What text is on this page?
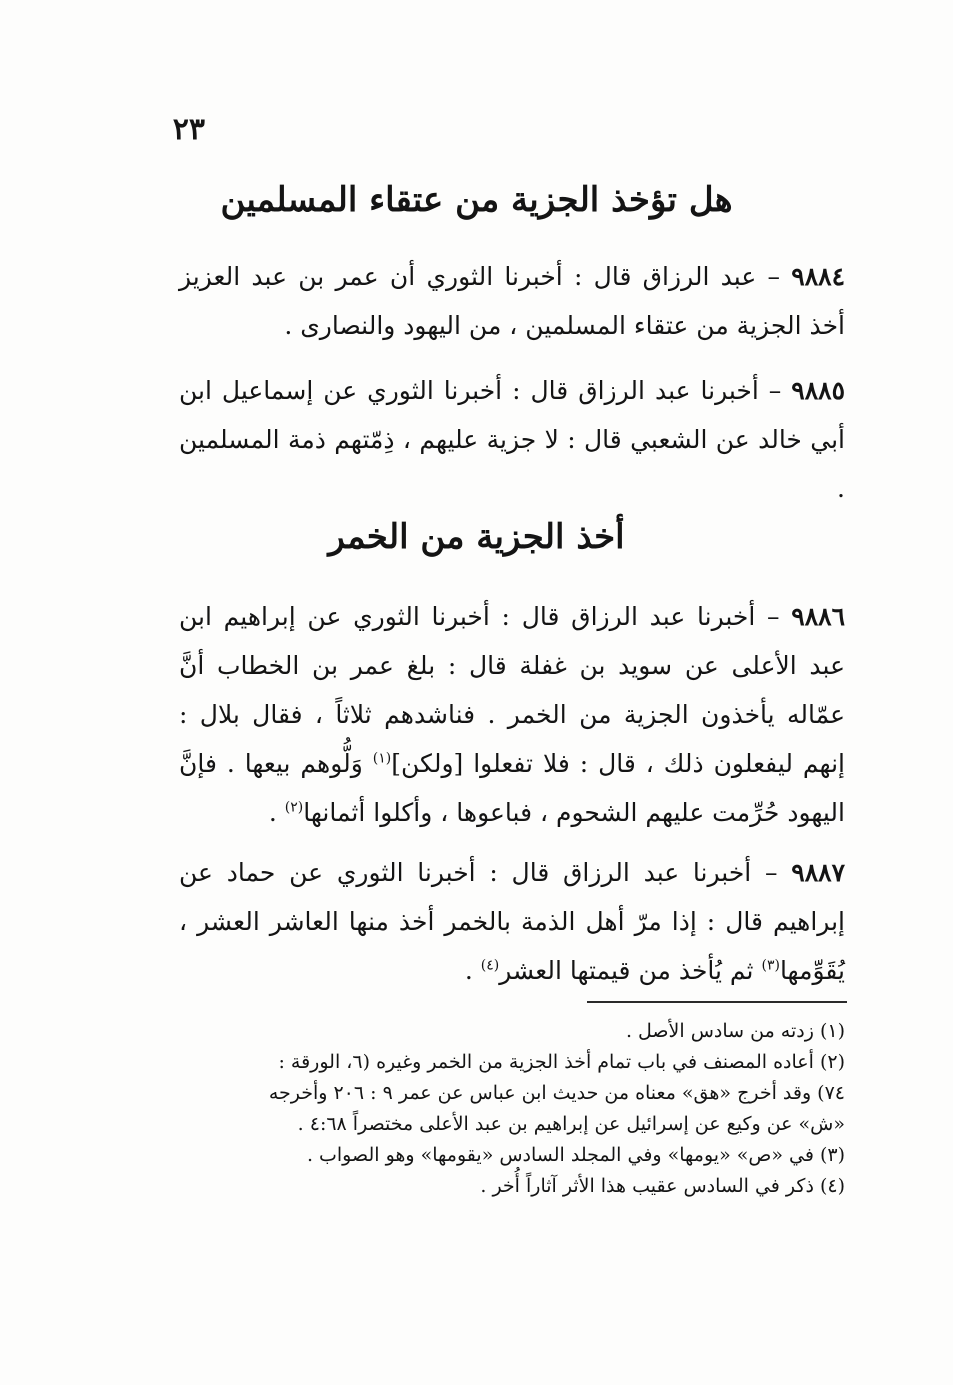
٢٣
هل تؤخذ الجزية من عتقاء المسلمين

٩٨٨٤ – عبد الرزاق قال : أخبرنا الثوري أن عمر بن عبد العزيز أخذ الجزية من عتقاء المسلمين ، من اليهود والنصارى .

٩٨٨٥ – أخبرنا عبد الرزاق قال : أخبرنا الثوري عن إسماعيل ابن أبي خالد عن الشعبي قال : لا جزية عليهم ، ذِمّتهم ذمة المسلمين .

أخذ الجزية من الخمر

٩٨٨٦ – أخبرنا عبد الرزاق قال : أخبرنا الثوري عن إبراهيم ابن عبد الأعلى عن سويد بن غفلة قال : بلغ عمر بن الخطاب أنَّ عمّاله يأخذون الجزية من الخمر . فناشدهم ثلاثاً ، فقال بلال : إنهم ليفعلون ذلك ، قال : فلا تفعلوا [ولكن]$^{(١)}$ وَلُّوهم بيعها . فإنَّ اليهود حُرِّمت عليهم الشحوم ، فباعوها ، وأكلوا أثمانها$^{(٢)}$ .

٩٨٨٧ – أخبرنا عبد الرزاق قال : أخبرنا الثوري عن حماد عن إبراهيم قال : إذا مرّ أهل الذمة بالخمر أخذ منها العاشر العشر ، يُقَوِّمها$^{(٣)}$ ثم يُأخذ من قيمتها العشر$^{(٤)}$ .

(١) زدته من سادس الأصل .

(٢) أعاده المصنف في باب تمام أخذ الجزية من الخمر وغيره (٦، الورقة :

٧٤) وقد أخرج «هق» معناه من حديث ابن عباس عن عمر ٩ : ٢٠٦ وأخرجه

«ش» عن وكيع عن إسرائيل عن إبراهيم بن عبد الأعلى مختصراً ٤:٦٨ .

(٣) في «ص» «يومها» وفي المجلد السادس «يقومها» وهو الصواب .

(٤) ذكر في السادس عقيب هذا الأثر آثاراً أُخر .
